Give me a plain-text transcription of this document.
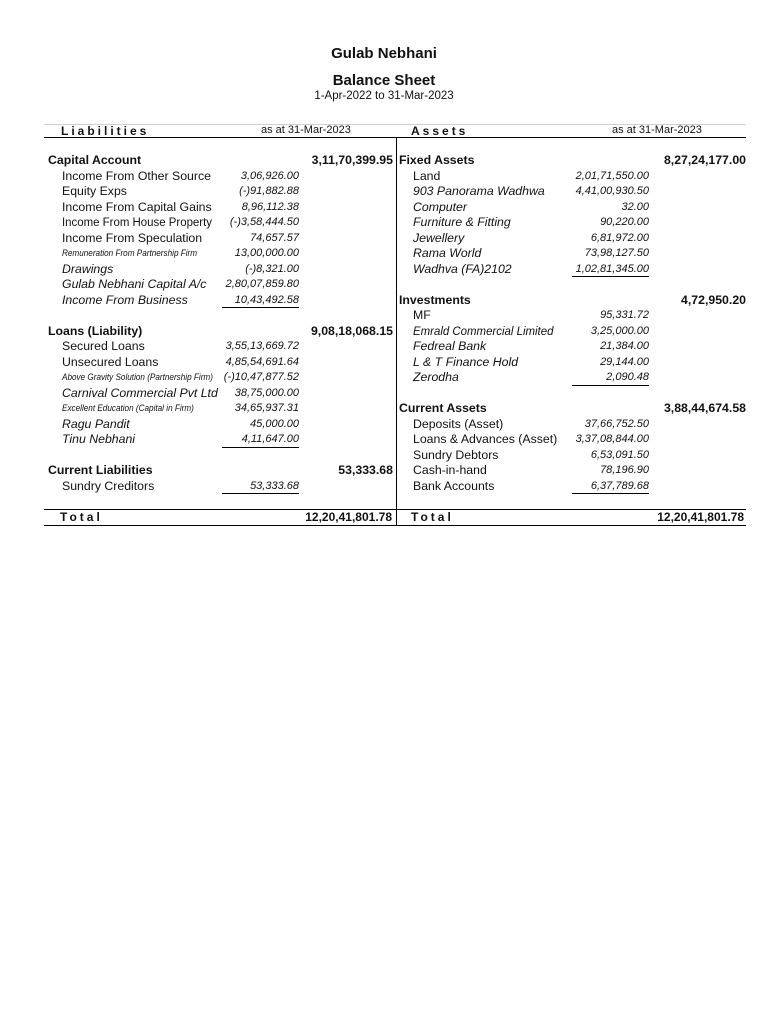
Gulab Nebhani
Balance Sheet
1-Apr-2022 to 31-Mar-2023
Liabilities	as at 31-Mar-2023	Assets	as at 31-Mar-2023
Capital Account	3,11,70,399.95
Income From Other Source	3,06,926.00
Equity Exps	(-)91,882.88
Income From Capital Gains	8,96,112.38
Income From House Property (-)3,58,444.50
Income From Speculation	74,657.57
Remuneration From Partnership Firm	13,00,000.00
Drawings	(-)8,321.00
Gulab Nebhani Capital A/c 2,80,07,859.80
Income From Business	10,43,492.58
Loans (Liability)	9,08,18,068.15
Secured Loans	3,55,13,669.72
Unsecured Loans	4,85,54,691.64
Above Gravity Solution (Partnership Firm) (-)10,47,877.52
Carnival Commercial Pvt Ltd 38,75,000.00
Excellent Education (Capital in Firm)	34,65,937.31
Ragu Pandit	45,000.00
Tinu Nebhani	4,11,647.00
Current Liabilities	53,333.68
Sundry Creditors	53,333.68
Fixed Assets	8,27,24,177.00
Land	2,01,71,550.00
903 Panorama Wadhwa	4,41,00,930.50
Computer	32.00
Furniture & Fitting	90,220.00
Jewellery	6,81,972.00
Rama World	73,98,127.50
Wadhva (FA)2102	1,02,81,345.00
Investments	4,72,950.20
MF	95,331.72
Emrald Commercial Limited	3,25,000.00
Fedreal Bank	21,384.00
L & T Finance Hold	29,144.00
Zerodha	2,090.48
Current Assets	3,88,44,674.58
Deposits (Asset)	37,66,752.50
Loans & Advances (Asset) 3,37,08,844.00
Sundry Debtors	6,53,091.50
Cash-in-hand	78,196.90
Bank Accounts	6,37,789.68
Total	12,20,41,801.78 Total	12,20,41,801.78
